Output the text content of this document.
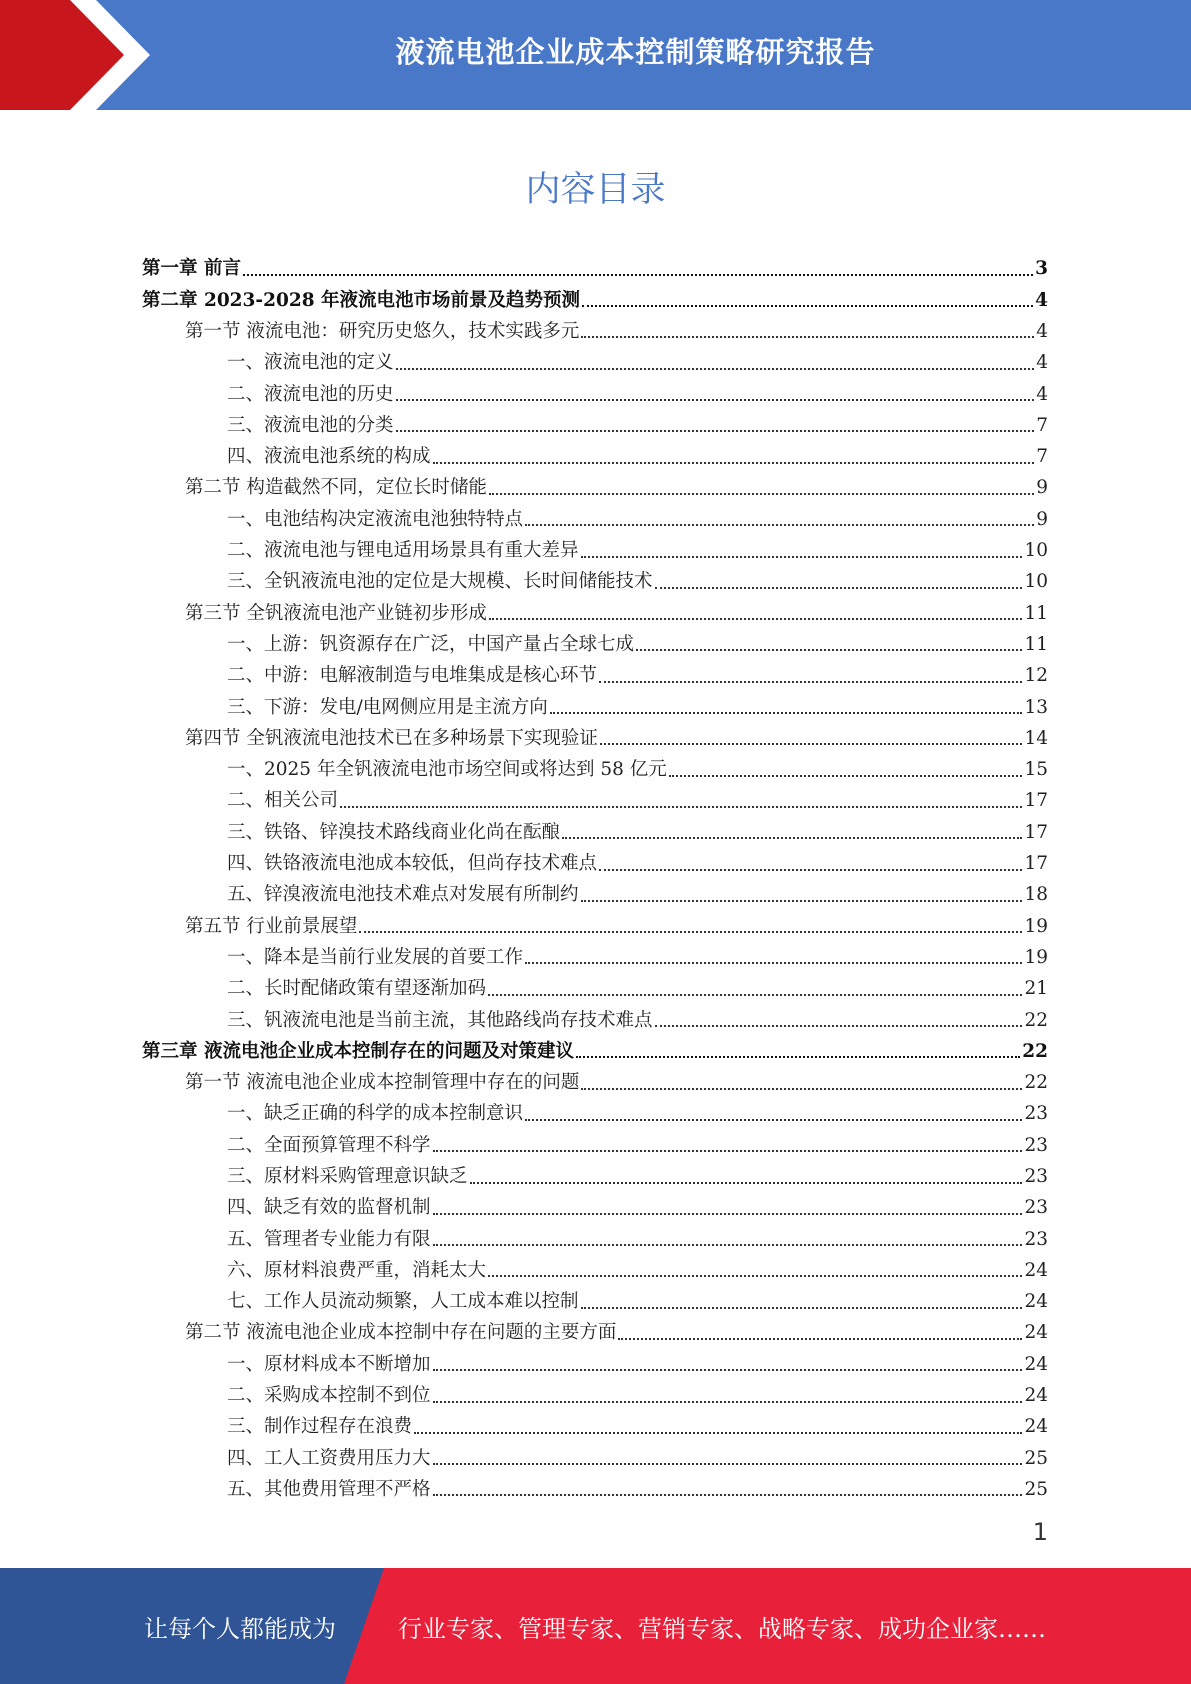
液流电池企业成本控制策略研究报告
内容目录
第一章 前言	3
第二章 2023-2028 年液流电池市场前景及趋势预测	4
第一节 液流电池：研究历史悠久，技术实践多元	4
一、液流电池的定义	4
二、液流电池的历史	4
三、液流电池的分类	7
四、液流电池系统的构成	7
第二节 构造截然不同，定位长时储能	9
一、电池结构决定液流电池独特特点	9
二、液流电池与锂电适用场景具有重大差异	10
三、全钒液流电池的定位是大规模、长时间储能技术	10
第三节 全钒液流电池产业链初步形成	11
一、上游：钒资源存在广泛，中国产量占全球七成	11
二、中游：电解液制造与电堆集成是核心环节	12
三、下游：发电/电网侧应用是主流方向	13
第四节 全钒液流电池技术已在多种场景下实现验证	14
一、2025 年全钒液流电池市场空间或将达到 58 亿元	15
二、相关公司	17
三、铁铬、锌溴技术路线商业化尚在酝酿	17
四、铁铬液流电池成本较低，但尚存技术难点	17
五、锌溴液流电池技术难点对发展有所制约	18
第五节 行业前景展望	19
一、降本是当前行业发展的首要工作	19
二、长时配储政策有望逐渐加码	21
三、钒液流电池是当前主流，其他路线尚存技术难点	22
第三章 液流电池企业成本控制存在的问题及对策建议	22
第一节 液流电池企业成本控制管理中存在的问题	22
一、缺乏正确的科学的成本控制意识	23
二、全面预算管理不科学	23
三、原材料采购管理意识缺乏	23
四、缺乏有效的监督机制	23
五、管理者专业能力有限	23
六、原材料浪费严重，消耗太大	24
七、工作人员流动频繁，人工成本难以控制	24
第二节 液流电池企业成本控制中存在问题的主要方面	24
一、原材料成本不断增加	24
二、采购成本控制不到位	24
三、制作过程存在浪费	24
四、工人工资费用压力大	25
五、其他费用管理不严格	25
1
让每个人都能成为	行业专家、管理专家、营销专家、战略专家、成功企业家……
